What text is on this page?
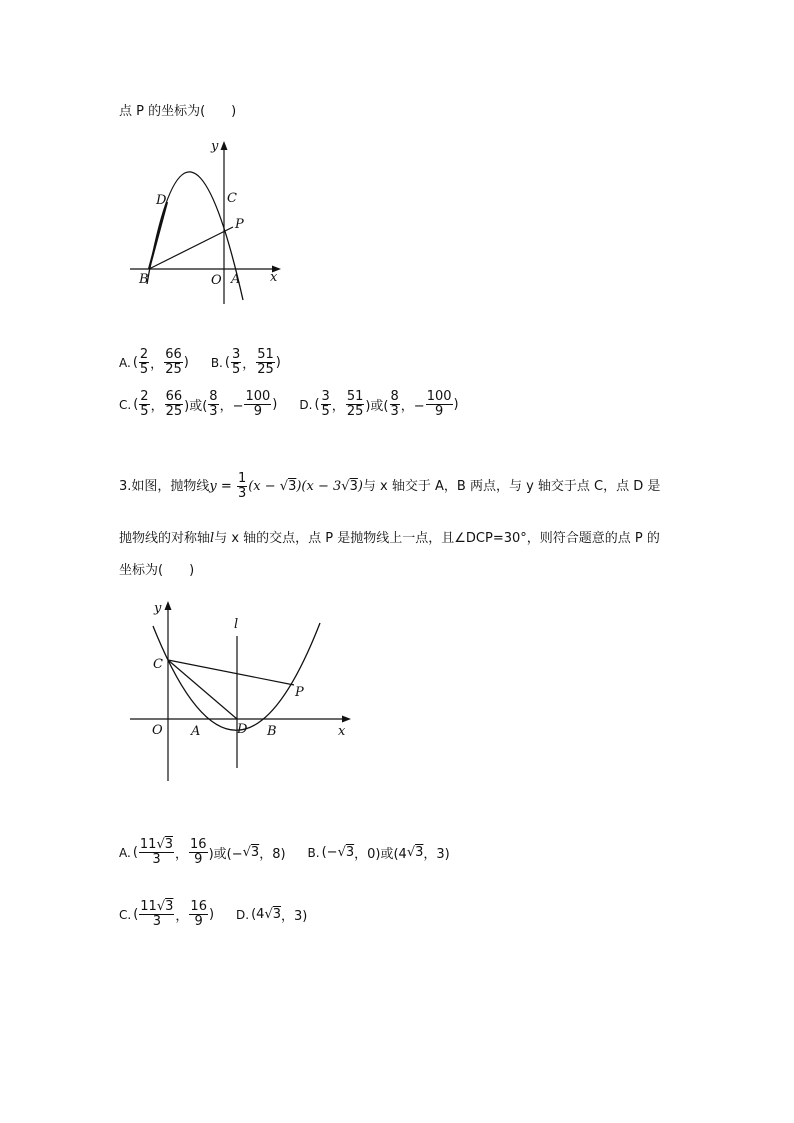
点 P 的坐标为(　　)
y
x
D	C
P
B	O A
A. ( $\frac{2}{5}$ ， $\frac{66}{25}$ ) B. ( $\frac{3}{5}$ ， $\frac{51}{25}$ )
C. ( $\frac{2}{5}$ ， $\frac{66}{25}$ )或( $\frac{8}{3}$ ，− $\frac{100}{9}$ ) D. ( $\frac{3}{5}$ ， $\frac{51}{25}$ )或( $\frac{8}{3}$ ，− $\frac{100}{9}$ )
3.如图，抛物线 $y = \frac{1}{3} (x$ − √ 3 )(x − 3 √ 3 ) 与 x 轴交于 A，B 两点，与 y 轴交于点 C，点 D 是
抛物线的对称轴l与 x 轴的交点，点 P 是抛物线上一点，且∠DCP=30°，则符合题意的点 P 的
坐标为(　　)
y
l
C
P
O A	D B	x
A. ( $\frac{11√3}{3}$ ， $\frac{16}{9}$ )或(− √ 3 ，8) B. (− √ 3 ，0)或(4 √ 3 ，3)
C. ( $\frac{11√3}{3}$ ， $\frac{16}{9}$ ) D. (4 √ 3 ，3)
